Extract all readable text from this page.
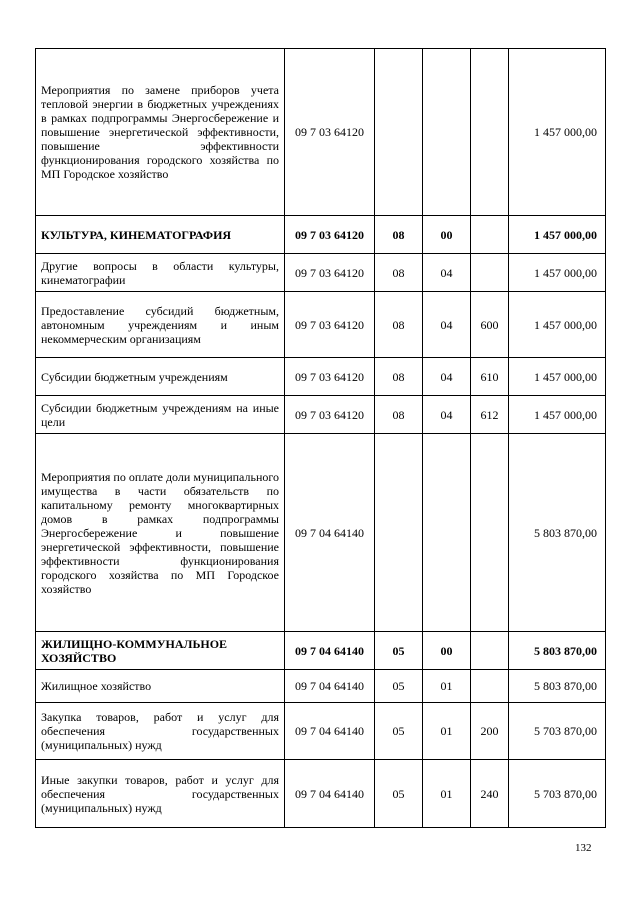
Мероприятия по замене приборов учета тепловой энергии в бюджетных учреждениях в рамках подпрограммы Энергосбережение и повышение энергетической эффективности, повышение эффективности функционирования городского хозяйства по МП Городское хозяйство	09 7 03 64120				1 457 000,00
КУЛЬТУРА, КИНЕМАТОГРАФИЯ	09 7 03 64120	08	00		1 457 000,00
Другие вопросы в области культуры, кинематографии	09 7 03 64120	08	04		1 457 000,00
Предоставление субсидий бюджетным, автономным учреждениям и иным некоммерческим организациям	09 7 03 64120	08	04	600	1 457 000,00
Субсидии бюджетным учреждениям	09 7 03 64120	08	04	610	1 457 000,00
Субсидии бюджетным учреждениям на иные цели	09 7 03 64120	08	04	612	1 457 000,00
Мероприятия по оплате доли муниципального имущества в части обязательств по капитальному ремонту многоквартирных домов в рамках подпрограммы Энергосбережение и повышение энергетической эффективности, повышение эффективности функционирования городского хозяйства по МП Городское хозяйство	09 7 04 64140				5 803 870,00
ЖИЛИЩНО-КОММУНАЛЬНОЕ ХОЗЯЙСТВО	09 7 04 64140	05	00		5 803 870,00
Жилищное хозяйство	09 7 04 64140	05	01		5 803 870,00
Закупка товаров, работ и услуг для обеспечения государственных (муниципальных) нужд	09 7 04 64140	05	01	200	5 703 870,00
Иные закупки товаров, работ и услуг для обеспечения государственных (муниципальных) нужд	09 7 04 64140	05	01	240	5 703 870,00
132
